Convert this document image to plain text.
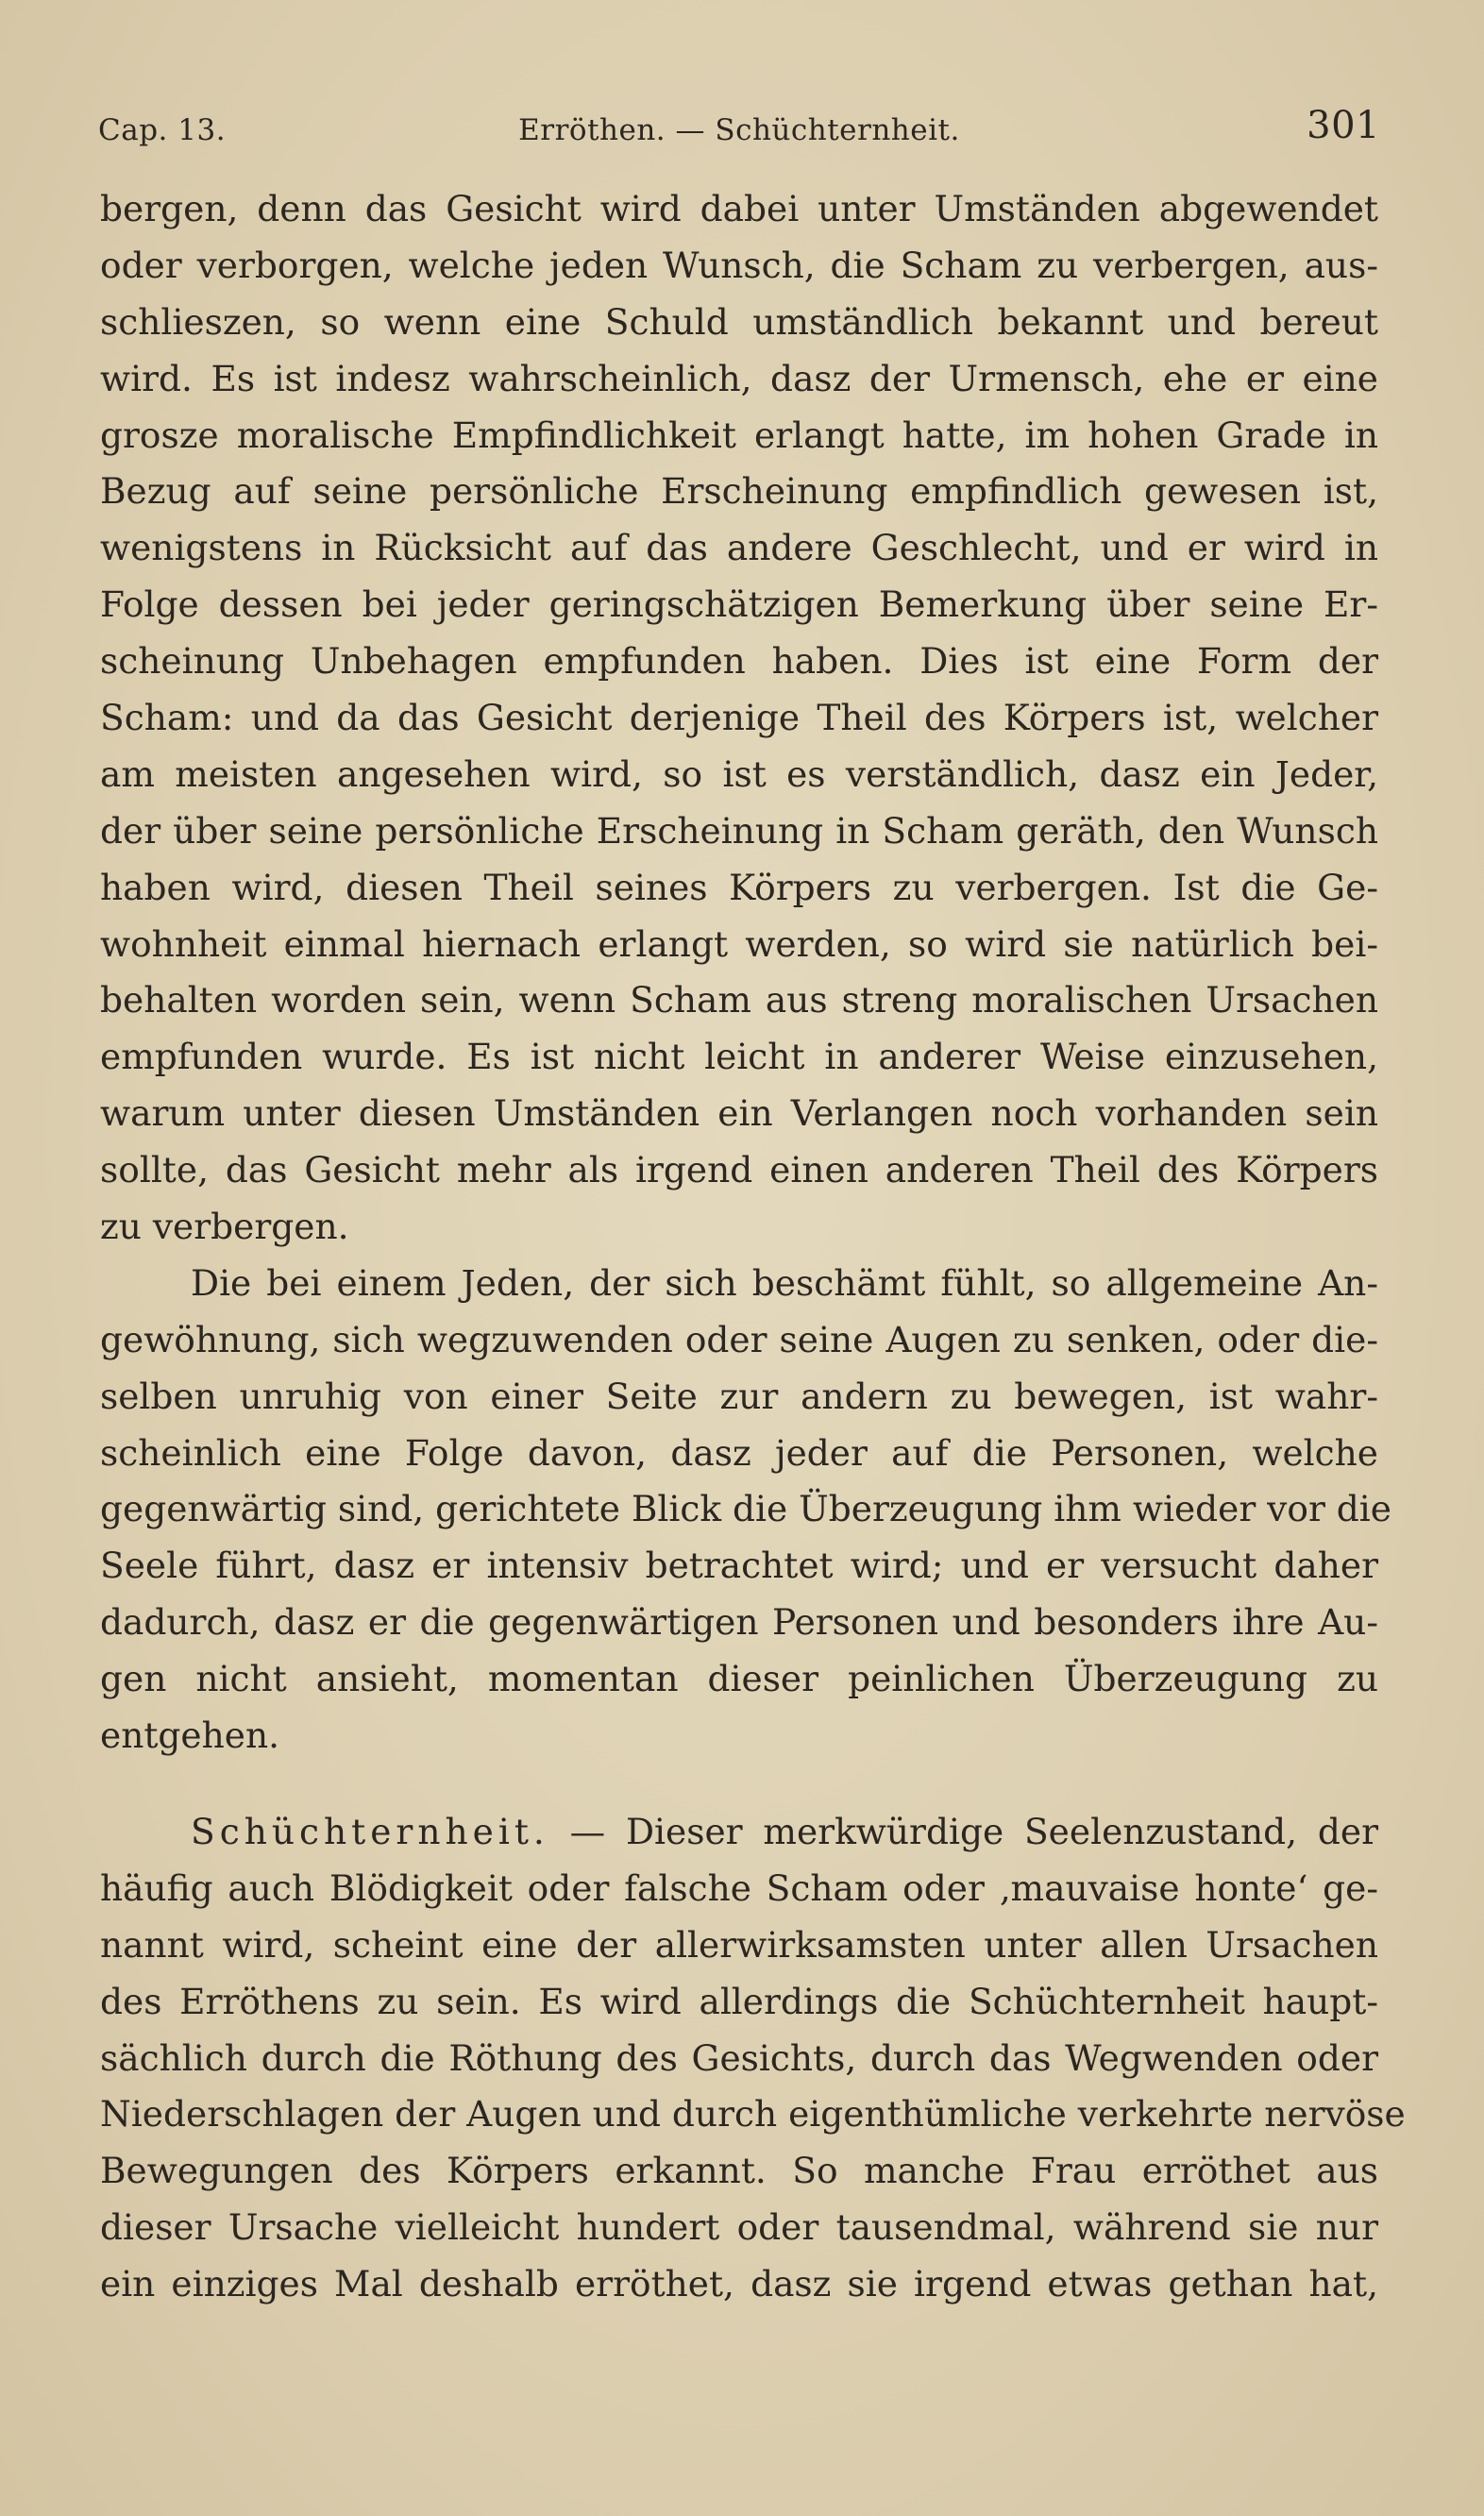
Cap. 13.	Erröthen. — Schüchternheit.	301
bergen, denn das Gesicht wird dabei unter Umständen abgewendet
oder verborgen, welche jeden Wunsch, die Scham zu verbergen, aus-
schlieszen, so wenn eine Schuld umständlich bekannt und bereut
wird. Es ist indesz wahrscheinlich, dasz der Urmensch, ehe er eine
grosze moralische Empfindlichkeit erlangt hatte, im hohen Grade in
Bezug auf seine persönliche Erscheinung empfindlich gewesen ist,
wenigstens in Rücksicht auf das andere Geschlecht, und er wird in
Folge dessen bei jeder geringschätzigen Bemerkung über seine Er-
scheinung Unbehagen empfunden haben. Dies ist eine Form der
Scham: und da das Gesicht derjenige Theil des Körpers ist, welcher
am meisten angesehen wird, so ist es verständlich, dasz ein Jeder,
der über seine persönliche Erscheinung in Scham geräth, den Wunsch
haben wird, diesen Theil seines Körpers zu verbergen. Ist die Ge-
wohnheit einmal hiernach erlangt werden, so wird sie natürlich bei-
behalten worden sein, wenn Scham aus streng moralischen Ursachen
empfunden wurde. Es ist nicht leicht in anderer Weise einzusehen,
warum unter diesen Umständen ein Verlangen noch vorhanden sein
sollte, das Gesicht mehr als irgend einen anderen Theil des Körpers
zu verbergen.
Die bei einem Jeden, der sich beschämt fühlt, so allgemeine An-
gewöhnung, sich wegzuwenden oder seine Augen zu senken, oder die-
selben unruhig von einer Seite zur andern zu bewegen, ist wahr-
scheinlich eine Folge davon, dasz jeder auf die Personen, welche
gegenwärtig sind, gerichtete Blick die Überzeugung ihm wieder vor die
Seele führt, dasz er intensiv betrachtet wird; und er versucht daher
dadurch, dasz er die gegenwärtigen Personen und besonders ihre Au-
gen nicht ansieht, momentan dieser peinlichen Überzeugung zu
entgehen.
Schüchternheit. — Dieser merkwürdige Seelenzustand, der
häufig auch Blödigkeit oder falsche Scham oder ‚mauvaise honte‘ ge-
nannt wird, scheint eine der allerwirksamsten unter allen Ursachen
des Erröthens zu sein. Es wird allerdings die Schüchternheit haupt-
sächlich durch die Röthung des Gesichts, durch das Wegwenden oder
Niederschlagen der Augen und durch eigenthümliche verkehrte nervöse
Bewegungen des Körpers erkannt. So manche Frau erröthet aus
dieser Ursache vielleicht hundert oder tausendmal, während sie nur
ein einziges Mal deshalb erröthet, dasz sie irgend etwas gethan hat,
